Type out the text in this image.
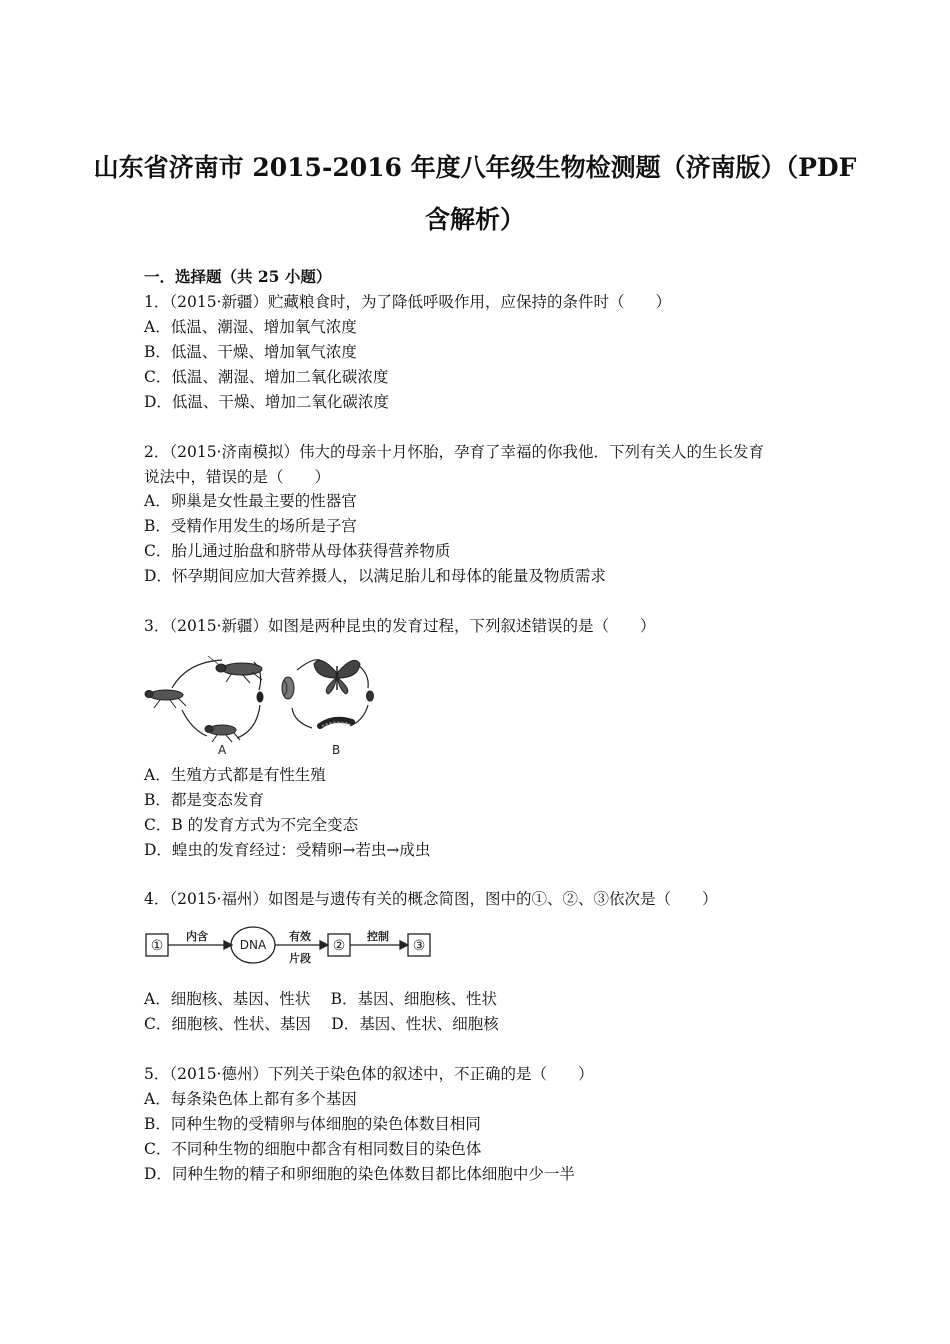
山东省济南市 2015-2016 年度八年级生物检测题（济南版）（PDF
含解析）
一．选择题（共 25 小题）
1．（2015·新疆）贮藏粮食时，为了降低呼吸作用，应保持的条件时（　　）
A．低温、潮湿、增加氧气浓度
B．低温、干燥、增加氧气浓度
C．低温、潮湿、增加二氧化碳浓度
D．低温、干燥、增加二氧化碳浓度
2．（2015·济南模拟）伟大的母亲十月怀胎，孕育了幸福的你我他．下列有关人的生长发育
说法中，错误的是（　　）
A．卵巢是女性最主要的性器官
B．受精作用发生的场所是子宫
C．胎儿通过胎盘和脐带从母体获得营养物质
D．怀孕期间应加大营养摄人，以满足胎儿和母体的能量及物质需求
3．（2015·新疆）如图是两种昆虫的发育过程，下列叙述错误的是（　　）
A	B
A．生殖方式都是有性生殖
B．都是变态发育
C．B 的发育方式为不完全变态
D．蝗虫的发育经过：受精卵→若虫→成虫
4．（2015·福州）如图是与遗传有关的概念简图，图中的①、②、③依次是（　　）
①
内含
DNA
有效
片段
②
控制
③
A．细胞核、基因、性状　 B．基因、细胞核、性状
C．细胞核、性状、基因　 D．基因、性状、细胞核
5．（2015·德州）下列关于染色体的叙述中，不正确的是（　　）
A．每条染色体上都有多个基因
B．同种生物的受精卵与体细胞的染色体数目相同
C．不同种生物的细胞中都含有相同数目的染色体
D．同种生物的精子和卵细胞的染色体数目都比体细胞中少一半
